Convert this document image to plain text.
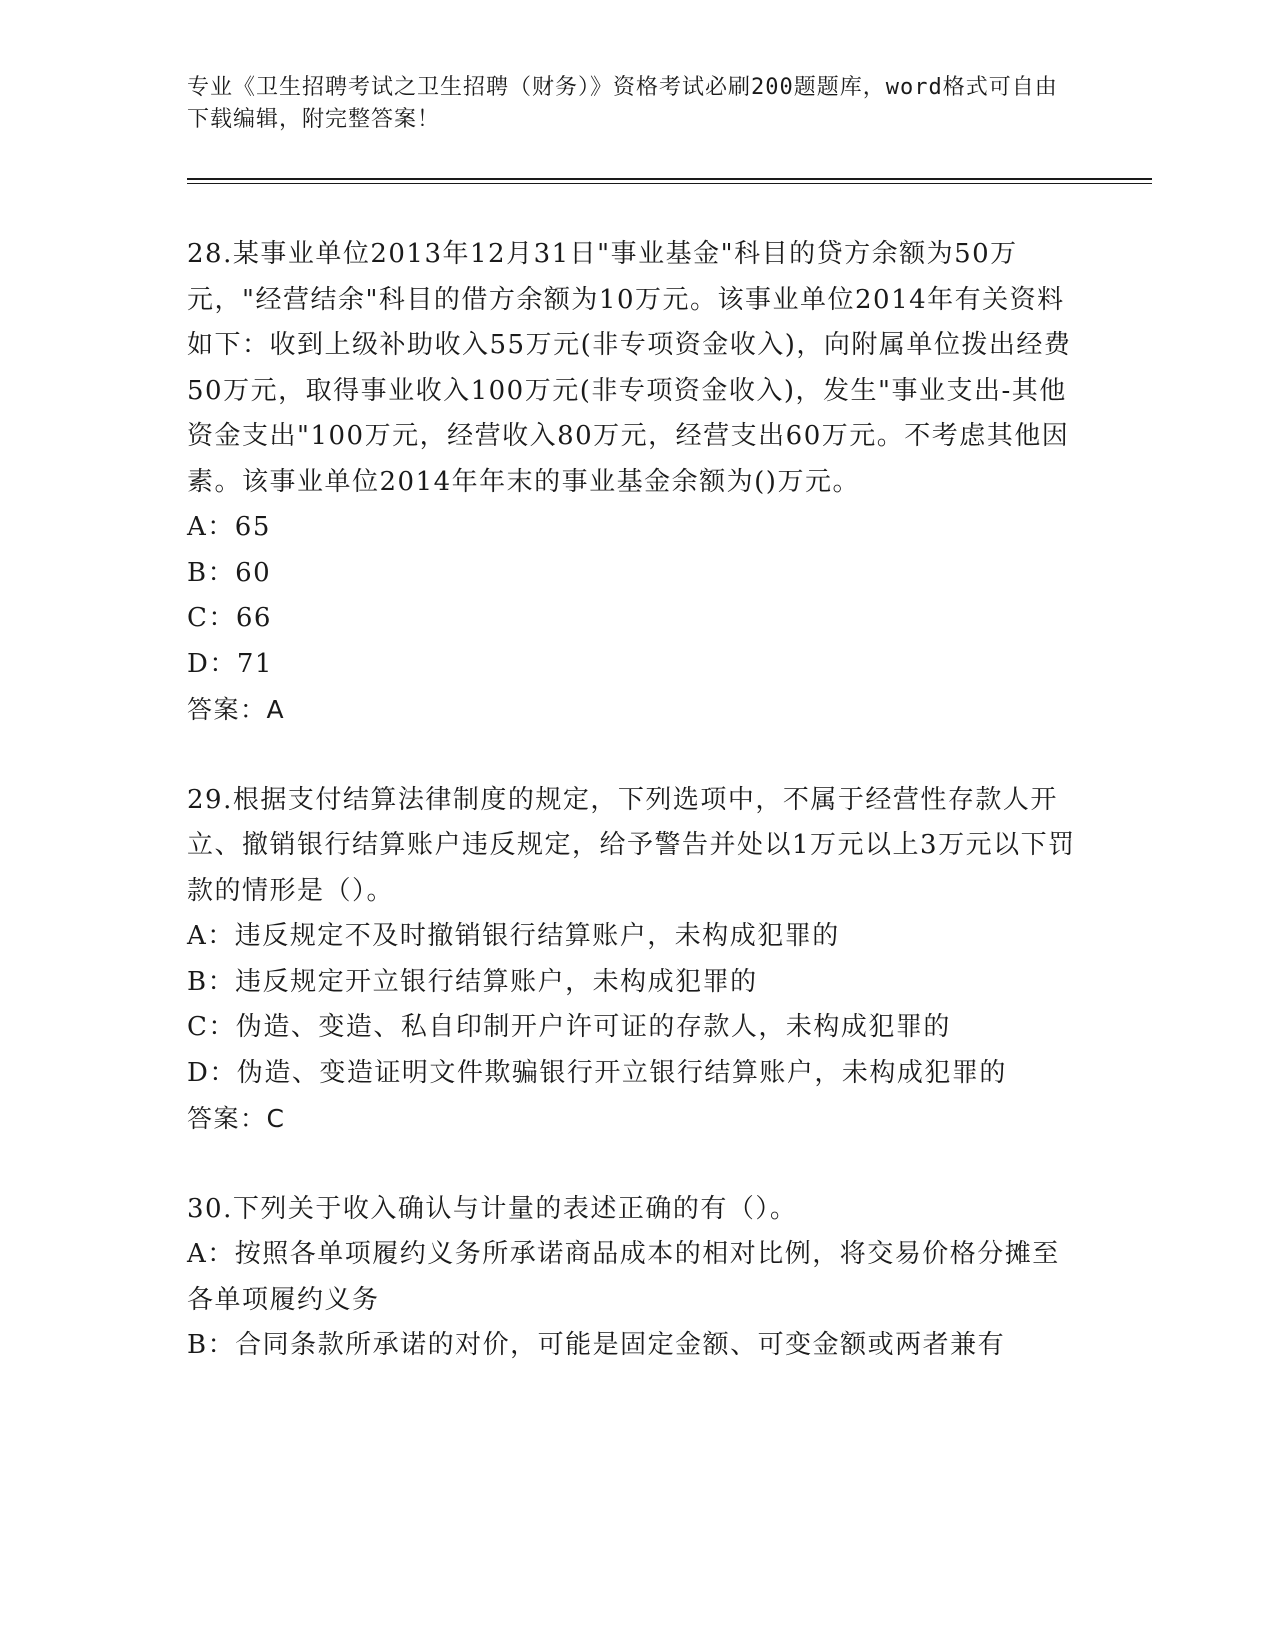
专业《卫生招聘考试之卫生招聘（财务）》资格考试必刷200题题库，word格式可自由下载编辑，附完整答案！

28.某事业单位2013年12月31日"事业基金"科目的贷方余额为50万元，"经营结余"科目的借方余额为10万元。该事业单位2014年有关资料如下：收到上级补助收入55万元(非专项资金收入)，向附属单位拨出经费50万元，取得事业收入100万元(非专项资金收入)，发生"事业支出-其他资金支出"100万元，经营收入80万元，经营支出60万元。不考虑其他因素。该事业单位2014年年末的事业基金余额为()万元。

A：65

B：60

C：66

D：71

答案：A

29.根据支付结算法律制度的规定，下列选项中，不属于经营性存款人开立、撤销银行结算账户违反规定，给予警告并处以1万元以上3万元以下罚款的情形是（）。

A：违反规定不及时撤销银行结算账户，未构成犯罪的

B：违反规定开立银行结算账户，未构成犯罪的

C：伪造、变造、私自印制开户许可证的存款人，未构成犯罪的

D：伪造、变造证明文件欺骗银行开立银行结算账户，未构成犯罪的

答案：C

30.下列关于收入确认与计量的表述正确的有（）。

A：按照各单项履约义务所承诺商品成本的相对比例，将交易价格分摊至各单项履约义务

B：合同条款所承诺的对价，可能是固定金额、可变金额或两者兼有
